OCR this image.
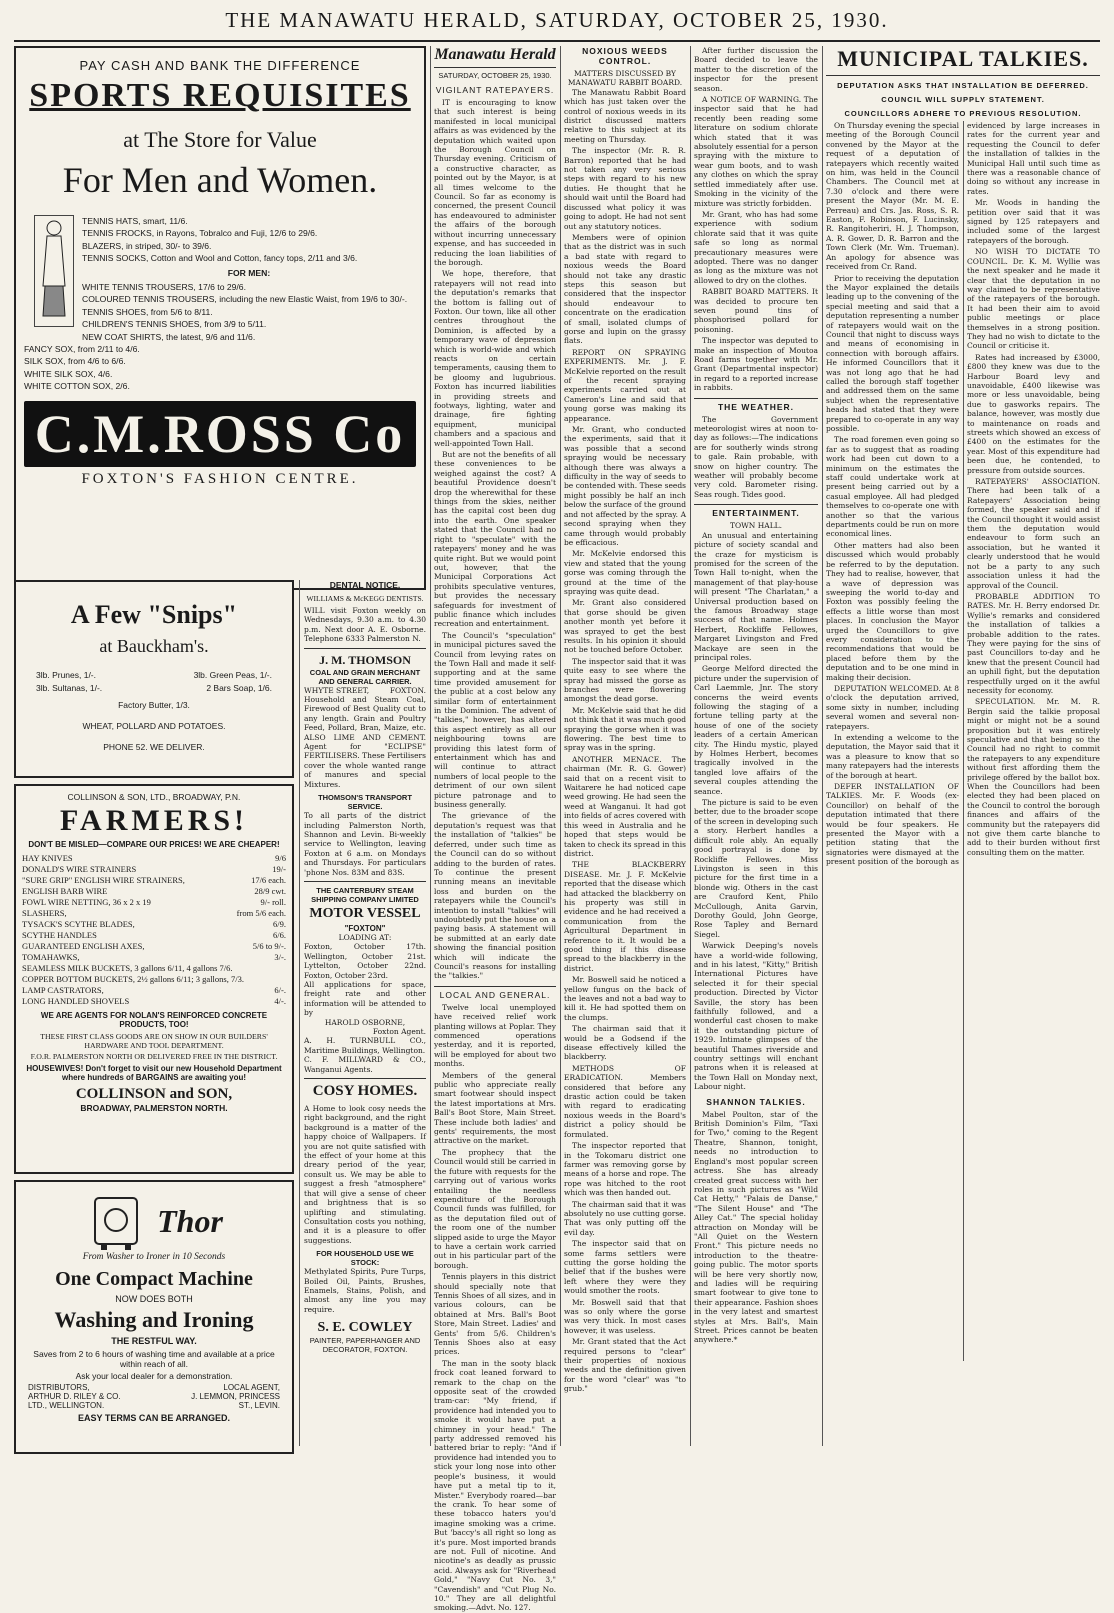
THE MANAWATU HERALD, SATURDAY, OCTOBER 25, 1930.
PAY CASH AND BANK THE DIFFERENCE
SPORTS REQUISITES
at The Store for Value
For Men and Women.
TENNIS HATS, smart, 11/6.
TENNIS FROCKS, in Rayons, Tobralco and Fuji, 12/6 to 29/6.
BLAZERS, in striped, 30/- to 39/6.
TENNIS SOCKS, Cotton and Wool and Cotton, fancy tops, 2/11 and 3/6.
FOR MEN:
WHITE TENNIS TROUSERS, 17/6 to 29/6.
COLOURED TENNIS TROUSERS, including the new Elastic Waist, from 19/6 to 30/-.
TENNIS SHOES, from 5/6 to 8/11.
CHILDREN'S TENNIS SHOES, from 3/9 to 5/11.
NEW COAT SHIRTS, the latest, 9/6 and 11/6.
FANCY SOX, from 2/11 to 4/6.
SILK SOX, from 4/6 to 6/6.
WHITE SILK SOX, 4/6.
WHITE COTTON SOX, 2/6.
C.M.ROSS Co
FOXTON'S FASHION CENTRE.
A Few "Snips"
at Bauckham's.
3lb. Prunes, 1/-.	3lb. Green Peas, 1/-.
3lb. Sultanas, 1/-.	2 Bars Soap, 1/6.
Factory Butter, 1/3.
WHEAT, POLLARD AND POTATOES.
PHONE 52. WE DELIVER.
COLLINSON & SON, LTD., BROADWAY, P.N.
FARMERS!
DON'T BE MISLED—COMPARE OUR PRICES! WE ARE CHEAPER!
HAY KNIVES	9/6
DONALD'S WIRE STRAINERS	19/-
"SURE GRIP" ENGLISH WIRE STRAINERS,	17/6 each.
ENGLISH BARB WIRE	28/9 cwt.
FOWL WIRE NETTING, 36 x 2 x 19	9/- roll.
SLASHERS,	from 5/6 each.
TYSACK'S SCYTHE BLADES,	6/9.
SCYTHE HANDLES	6/6.
GUARANTEED ENGLISH AXES,	5/6 to 9/-.
TOMAHAWKS,	3/-.
SEAMLESS MILK BUCKETS, 3 gallons 6/11, 4 gallons 7/6.
COPPER BOTTOM BUCKETS, 2½ gallons 6/11; 3 gallons, 7/3.
LAMP CASTRATORS,	6/-.
LONG HANDLED SHOVELS	4/-.
WE ARE AGENTS FOR NOLAN'S REINFORCED CONCRETE PRODUCTS, TOO!
THESE FIRST CLASS GOODS ARE ON SHOW IN OUR BUILDERS' HARDWARE AND TOOL DEPARTMENT.
F.O.R. PALMERSTON NORTH OR DELIVERED FREE IN THE DISTRICT.
HOUSEWIVES! Don't forget to visit our new Household Department where hundreds of BARGAINS are awaiting you!
COLLINSON and SON,
BROADWAY, PALMERSTON NORTH.
Thor
From Washer to Ironer in 10 Seconds
One Compact Machine
NOW DOES BOTH
Washing and Ironing
THE RESTFUL WAY.
Saves from 2 to 6 hours of washing time and available at a price within reach of all.
Ask your local dealer for a demonstration.
DISTRIBUTORS,
ARTHUR D. RILEY & CO. LTD., WELLINGTON.
LOCAL AGENT,
J. LEMMON, PRINCESS ST., LEVIN.
EASY TERMS CAN BE ARRANGED.
DENTAL NOTICE.
WILLIAMS & McKEGG DENTISTS.
WILL visit Foxton weekly on Wednesdays, 9.30 a.m. to 4.30 p.m. Next door A. E. Osborne. Telephone 6333 Palmerston N.
J. M. THOMSON
COAL AND GRAIN MERCHANT AND GENERAL CARRIER.
WHYTE STREET,	FOXTON.
Household and Steam Coal, Firewood of Best Quality cut to any length. Grain and Poultry Feed, Pollard, Bran, Maize, etc. ALSO LIME AND CEMENT. Agent for "ECLIPSE" FERTILISERS. These Fertilisers cover the whole wanted range of manures and special Mixtures.
THOMSON'S TRANSPORT SERVICE.
To all parts of the district including Palmerston North, Shannon and Levin. Bi-weekly service to Wellington, leaving Foxton at 6 a.m. on Mondays and Thursdays. For particulars 'phone Nos. 83M and 83S.
THE CANTERBURY STEAM SHIPPING COMPANY LIMITED
MOTOR VESSEL
"FOXTON"
LOADING AT:
Foxton, October 17th. Wellington, October 21st. Lyttelton, October 22nd. Foxton, October 23rd.
All applications for space, freight rate and other information will be attended to by
HAROLD OSBORNE,
Foxton Agent.
A. H. TURNBULL CO., Maritime Buildings, Wellington.
C. F. MILLWARD & CO., Wanganui Agents.
COSY HOMES.
A Home to look cosy needs the right background, and the right background is a matter of the happy choice of Wallpapers. If you are not quite satisfied with the effect of your home at this dreary period of the year, consult us. We may be able to suggest a fresh "atmosphere" that will give a sense of cheer and brightness that is so uplifting and stimulating. Consultation costs you nothing, and it is a pleasure to offer suggestions.
FOR HOUSEHOLD USE WE STOCK:
Methylated Spirits, Pure Turps, Boiled Oil, Paints, Brushes, Enamels, Stains, Polish, and almost any line you may require.
S. E. COWLEY
PAINTER, PAPERHANGER AND DECORATOR, FOXTON.
Manawatu Herald
SATURDAY, OCTOBER 25, 1930.
VIGILANT RATEPAYERS.

IT is encouraging to know that such interest is being manifested in local municipal affairs as was evidenced by the deputation which waited upon the Borough Council on Thursday evening. Criticism of a constructive character, as pointed out by the Mayor, is at all times welcome to the Council. So far as economy is concerned, the present Council has endeavoured to administer the affairs of the borough without incurring unnecessary expense, and has succeeded in reducing the loan liabilities of the borough.

We hope, therefore, that ratepayers will not read into the deputation's remarks that the bottom is falling out of Foxton. Our town, like all other centres throughout the Dominion, is affected by a temporary wave of depression which is world-wide and which reacts on certain temperaments, causing them to be gloomy and lugubrious. Foxton has incurred liabilities in providing streets and footways, lighting, water and drainage, fire fighting equipment, municipal chambers and a spacious and well-appointed Town Hall.

But are not the benefits of all these conveniences to be weighed against the cost? A beautiful Providence doesn't drop the wherewithal for these things from the skies, neither has the capital cost been dug into the earth. One speaker stated that the Council had no right to "speculate" with the ratepayers' money and he was quite right. But we would point out, however, that the Municipal Corporations Act prohibits speculative ventures, but provides the necessary safeguards for investment of public finance which includes recreation and entertainment.

The Council's "speculation" in municipal pictures saved the Council from levying rates on the Town Hall and made it self-supporting and at the same time provided amusement for the public at a cost below any similar form of entertainment in the Dominion. The advent of "talkies," however, has altered this aspect entirely as all our neighbouring towns are providing this latest form of entertainment which has and will continue to attract numbers of local people to the detriment of our own silent picture patronage and to business generally.

The grievance of the deputation's request was that the installation of "talkies" be deferred, under such time as the Council can do so without adding to the burden of rates. To continue the present running means an inevitable loss and burden on the ratepayers while the Council's intention to install "talkies" will undoubtedly put the house on a paying basis. A statement will be submitted at an early date showing the financial position which will indicate the Council's reasons for installing the "talkies."

LOCAL AND GENERAL.

Twelve local unemployed have received relief work planting willows at Poplar. They commenced operations yesterday, and it is reported, will be employed for about two months.

Members of the general public who appreciate really smart footwear should inspect the latest importations at Mrs. Ball's Boot Store, Main Street. These include both ladies' and gents' requirements, the most attractive on the market.

The prophecy that the Council would still be carried in the future with requests for the carrying out of various works entailing the needless expenditure of the Borough Council funds was fulfilled, for as the deputation filed out of the room one of the number slipped aside to urge the Mayor to have a certain work carried out in his particular part of the borough.

Tennis players in this district should specially note that Tennis Shoes of all sizes, and in various colours, can be obtained at Mrs. Ball's Boot Store, Main Street. Ladies' and Gents' from 5/6. Children's Tennis Shoes also at easy prices.

The man in the sooty black frock coat leaned forward to remark to the chap on the opposite seat of the crowded tram-car: "My friend, if providence had intended you to smoke it would have put a chimney in your head." The party addressed removed his battered briar to reply: "And if providence had intended you to stick your long nose into other people's business, it would have put a metal tip to it, Mister." Everybody roared—bar the crank. To hear some of these tobacco haters you'd imagine smoking was a crime. But 'baccy's all right so long as it's pure. Most imported brands are not. Full of nicotine. And nicotine's as deadly as prussic acid. Always ask for "Riverhead Gold," "Navy Cut No. 3," "Cavendish" and "Cut Plug No. 10." They are all delightful smoking.—Advt. No. 127.

NOXIOUS WEEDS CONTROL.
MATTERS DISCUSSED BY MANAWATU RABBIT BOARD.

The Manawatu Rabbit Board which has just taken over the control of noxious weeds in its district discussed matters relative to this subject at its meeting on Thursday.

The inspector (Mr. R. R. Barron) reported that he had not taken any very serious steps with regard to his new duties. He thought that he should wait until the Board had discussed what policy it was going to adopt. He had not sent out any statutory notices.

Members were of opinion that as the district was in such a bad state with regard to noxious weeds the Board should not take any drastic steps this season but considered that the inspector should endeavour to concentrate on the eradication of small, isolated clumps of gorse and lupin on the grassy flats.

REPORT ON SPRAYING EXPERIMENTS. Mr. J. F. McKelvie reported on the result of the recent spraying experiments carried out at Cameron's Line and said that young gorse was making its appearance.

Mr. Grant, who conducted the experiments, said that it was possible that a second spraying would be necessary although there was always a difficulty in the way of seeds to be contended with. These seeds might possibly be half an inch below the surface of the ground and not affected by the spray. A second spraying when they came through would probably be efficacious.

Mr. McKelvie endorsed this view and stated that the young gorse was coming through the ground at the time of the spraying was quite dead.

Mr. Grant also considered that gorse should be given another month yet before it was sprayed to get the best results. In his opinion it should not be touched before October.

The inspector said that it was quite easy to see where the spray had missed the gorse as branches were flowering amongst the dead gorse.

Mr. McKelvie said that he did not think that it was much good spraying the gorse when it was flowering. The best time to spray was in the spring.

ANOTHER MENACE. The chairman (Mr. R. G. Gower) said that on a recent visit to Waitarere he had noticed cape weed growing. He had seen the weed at Wanganui. It had got into fields of acres covered with this weed in Australia and he hoped that steps would be taken to check its spread in this district.

THE BLACKBERRY DISEASE. Mr. J. F. McKelvie reported that the disease which had attacked the blackberry on his property was still in evidence and he had received a communication from the Agricultural Department in reference to it. It would be a good thing if this disease spread to the blackberry in the district.

Mr. Boswell said he noticed a yellow fungus on the back of the leaves and not a bad way to kill it. He had spotted them on the clumps.

The chairman said that it would be a Godsend if the disease effectively killed the blackberry.

METHODS OF ERADICATION. Members considered that before any drastic action could be taken with regard to eradicating noxious weeds in the Board's district a policy should be formulated.

The inspector reported that in the Tokomaru district one farmer was removing gorse by means of a horse and rope. The rope was hitched to the root which was then handed out.

The chairman said that it was absolutely no use cutting gorse. That was only putting off the evil day.

The inspector said that on some farms settlers were cutting the gorse holding the belief that if the bushes were left where they were they would smother the roots.

Mr. Boswell said that that was so only where the gorse was very thick. In most cases however, it was useless.

Mr. Grant stated that the Act required persons to "clear" their properties of noxious weeds and the definition given for the word "clear" was "to grub."

After further discussion the Board decided to leave the matter to the discretion of the inspector for the present season.

A NOTICE OF WARNING. The inspector said that he had recently been reading some literature on sodium chlorate which stated that it was absolutely essential for a person spraying with the mixture to wear gum boots, and to wash any clothes on which the spray settled immediately after use. Smoking in the vicinity of the mixture was strictly forbidden.

Mr. Grant, who has had some experience with sodium chlorate said that it was quite safe so long as normal precautionary measures were adopted. There was no danger as long as the mixture was not allowed to dry on the clothes.

RABBIT BOARD MATTERS. It was decided to procure ten seven pound tins of phosphorised pollard for poisoning.

The inspector was deputed to make an inspection of Moutoa Road farms together with Mr. Grant (Departmental inspector) in regard to a reported increase in rabbits.

THE WEATHER.

The Government meteorologist wires at noon to-day as follows:—The indications are for southerly winds strong to gale. Rain probable, with snow on higher country. The weather will probably become very cold. Barometer rising. Seas rough. Tides good.

ENTERTAINMENT.
TOWN HALL.

An unusual and entertaining picture of society scandal and the craze for mysticism is promised for the screen of the Town Hall to-night, when the management of that play-house will present "The Charlatan," a Universal production based on the famous Broadway stage success of that name. Holmes Herbert, Rockliffe Fellowes, Margaret Livingston and Fred Mackaye are seen in the principal roles.

George Melford directed the picture under the supervision of Carl Laemmle, Jnr. The story concerns the weird events following the staging of a fortune telling party at the house of one of the society leaders of a certain American city. The Hindu mystic, played by Holmes Herbert, becomes tragically involved in the tangled love affairs of the several couples attending the seance.

The picture is said to be even better, due to the broader scope of the screen in developing such a story. Herbert handles a difficult role ably. An equally good portrayal is done by Rockliffe Fellowes. Miss Livingston is seen in this picture for the first time in a blonde wig. Others in the cast are Crauford Kent, Philo McCullough, Anita Garvin, Dorothy Gould, John George, Rose Tapley and Bernard Siegel.

Warwick Deeping's novels have a world-wide following, and in his latest, "Kitty," British International Pictures have selected it for their special production. Directed by Victor Saville, the story has been faithfully followed, and a wonderful cast chosen to make it the outstanding picture of 1929. Intimate glimpses of the beautiful Thames riverside and country settings will enchant patrons when it is released at the Town Hall on Monday next, Labour night.

SHANNON TALKIES.

Mabel Poulton, star of the British Dominion's Film, "Taxi for Two," coming to the Regent Theatre, Shannon, tonight, needs no introduction to England's most popular screen actress. She has already created great success with her roles in such pictures as "Wild Cat Hetty," "Palais de Danse," "The Silent House" and "The Alley Cat." The special holiday attraction on Monday will be "All Quiet on the Western Front." This picture needs no introduction to the theatre-going public. The motor sports will be here very shortly now, and ladies will be requiring smart footwear to give tone to their appearance. Fashion shoes in the very latest and smartest styles at Mrs. Ball's, Main Street. Prices cannot be beaten anywhere.*

MUNICIPAL TALKIES.
DEPUTATION ASKS THAT INSTALLATION BE DEFERRED.
COUNCIL WILL SUPPLY STATEMENT.
COUNCILLORS ADHERE TO PREVIOUS RESOLUTION.

On Thursday evening the special meeting of the Borough Council convened by the Mayor at the request of a deputation of ratepayers which recently waited on him, was held in the Council Chambers. The Council met at 7.30 o'clock and there were present the Mayor (Mr. M. E. Perreau) and Crs. Jas. Ross, S. R. Easton, F. Robinson, F. Lucinsky, R. Rangitoheriri, H. J. Thompson, A. R. Gower, D. R. Barron and the Town Clerk (Mr. Wm. Trueman). An apology for absence was received from Cr. Rand.

Prior to receiving the deputation the Mayor explained the details leading up to the convening of the special meeting and said that a deputation representing a number of ratepayers would wait on the Council that night to discuss ways and means of economising in connection with borough affairs. He informed Councillors that it was not long ago that he had called the borough staff together and addressed them on the same subject when the representative heads had stated that they were prepared to co-operate in any way possible.

The road foremen even going so far as to suggest that as roading work had been cut down to a minimum on the estimates the staff could undertake work at present being carried out by a casual employee. All had pledged themselves to co-operate one with another so that the various departments could be run on more economical lines.

Other matters had also been discussed which would probably be referred to by the deputation. They had to realise, however, that a wave of depression was sweeping the world to-day and Foxton was possibly feeling the effects a little worse than most places. In conclusion the Mayor urged the Councillors to give every consideration to the recommendations that would be placed before them by the deputation and to be one mind in making their decision.

DEPUTATION WELCOMED. At 8 o'clock the deputation arrived, some sixty in number, including several women and several non-ratepayers.

In extending a welcome to the deputation, the Mayor said that it was a pleasure to know that so many ratepayers had the interests of the borough at heart.

DEFER INSTALLATION OF TALKIES. Mr. F. Woods (ex-Councillor) on behalf of the deputation intimated that there would be four speakers. He presented the Mayor with a petition stating that the signatories were dismayed at the present position of the borough as evidenced by large increases in rates for the current year and requesting the Council to defer the installation of talkies in the Municipal Hall until such time as there was a reasonable chance of doing so without any increase in rates.

Mr. Woods in handing the petition over said that it was signed by 125 ratepayers and included some of the largest ratepayers of the borough.

NO WISH TO DICTATE TO COUNCIL. Dr. K. M. Wyllie was the next speaker and he made it clear that the deputation in no way claimed to be representative of the ratepayers of the borough. It had been their aim to avoid public meetings or place themselves in a strong position. They had no wish to dictate to the Council or criticise it.

Rates had increased by £3000, £800 they knew was due to the Harbour Board levy and unavoidable, £400 likewise was more or less unavoidable, being due to gasworks repairs. The balance, however, was mostly due to maintenance on roads and streets which showed an excess of £400 on the estimates for the year. Most of this expenditure had been due, he contended, to pressure from outside sources.

RATEPAYERS' ASSOCIATION. There had been talk of a Ratepayers' Association being formed, the speaker said and if the Council thought it would assist them the deputation would endeavour to form such an association, but he wanted it clearly understood that he would not be a party to any such association unless it had the approval of the Council.

PROBABLE ADDITION TO RATES. Mr. H. Berry endorsed Dr. Wyllie's remarks and considered the installation of talkies a probable addition to the rates. They were paying for the sins of past Councillors to-day and he knew that the present Council had an uphill fight, but the deputation respectfully urged on it the awful necessity for economy.

SPECULATION. Mr. M. R. Bergin said the talkie proposal might or might not be a sound proposition but it was entirely speculative and that being so the Council had no right to commit the ratepayers to any expenditure without first affording them the privilege offered by the ballot box. When the Councillors had been elected they had been placed on the Council to control the borough finances and affairs of the community but the ratepayers did not give them carte blanche to add to their burden without first consulting them on the matter.
